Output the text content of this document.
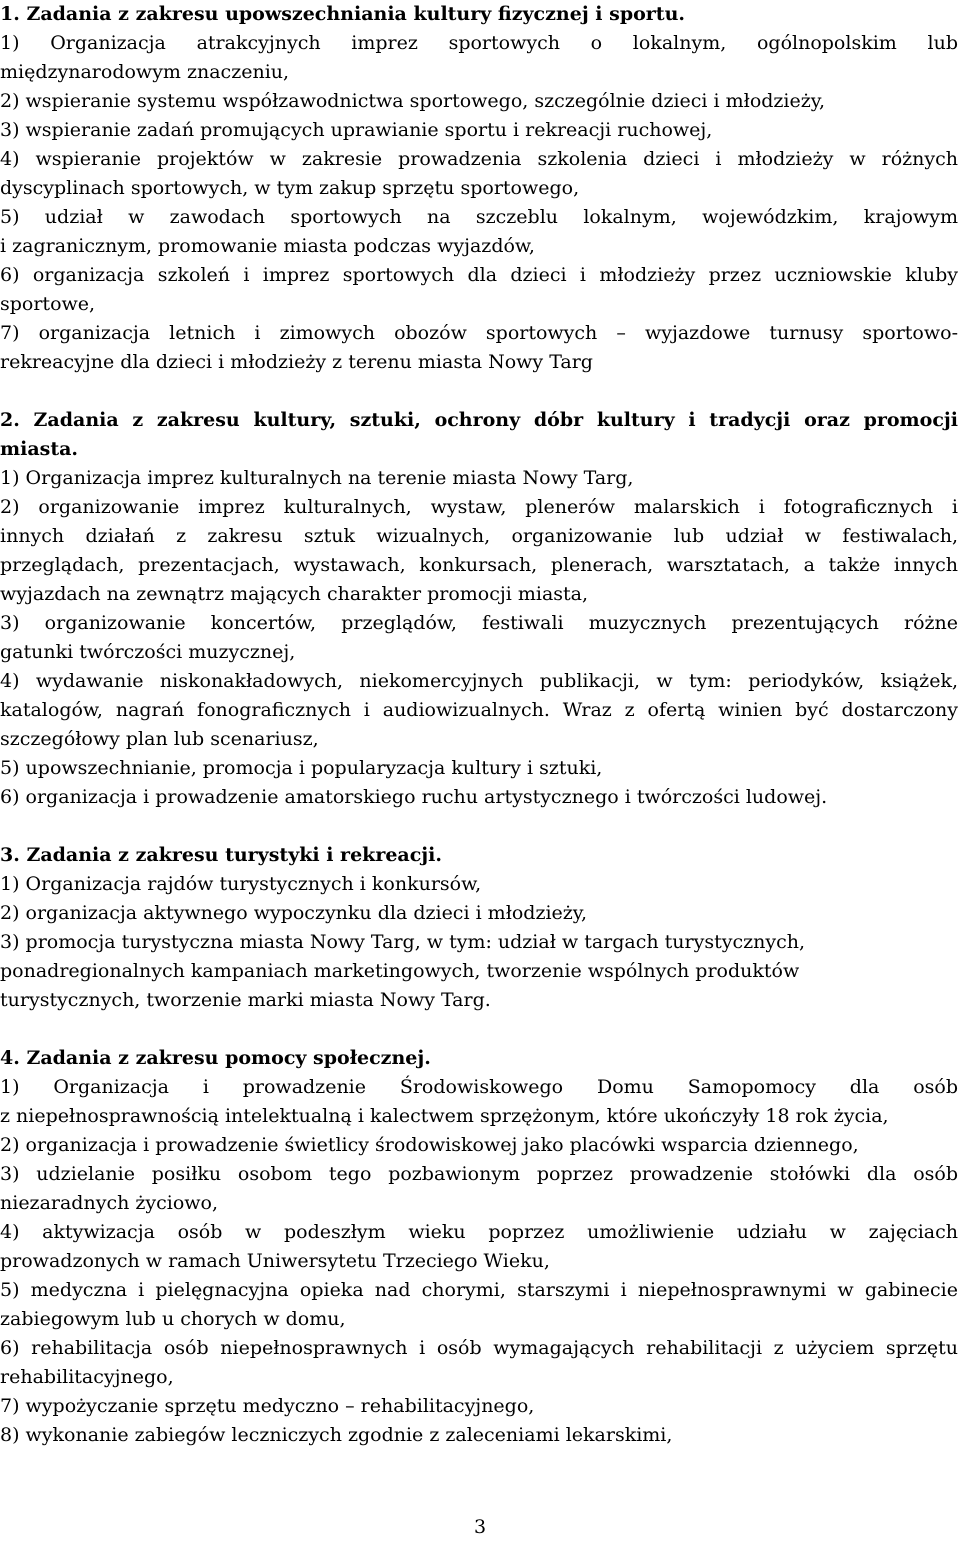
1. Zadania z zakresu upowszechniania kultury fizycznej i sportu.
1) Organizacja atrakcyjnych imprez sportowych o lokalnym, ogólnopolskim lub
międzynarodowym znaczeniu,
2) wspieranie systemu współzawodnictwa sportowego, szczególnie dzieci i młodzieży,
3) wspieranie zadań promujących uprawianie sportu i rekreacji ruchowej,
4) wspieranie projektów w zakresie prowadzenia szkolenia dzieci i młodzieży w różnych
dyscyplinach sportowych, w tym zakup sprzętu sportowego,
5) udział w zawodach sportowych na szczeblu lokalnym, wojewódzkim, krajowym
i zagranicznym, promowanie miasta podczas wyjazdów,
6) organizacja szkoleń i imprez sportowych dla dzieci i młodzieży przez uczniowskie kluby
sportowe,
7) organizacja letnich i zimowych obozów sportowych – wyjazdowe turnusy sportowo-
rekreacyjne dla dzieci i młodzieży z terenu miasta Nowy Targ
2. Zadania z zakresu kultury, sztuki, ochrony dóbr kultury i tradycji oraz promocji
miasta.
1) Organizacja imprez kulturalnych na terenie miasta Nowy Targ,
2) organizowanie imprez kulturalnych, wystaw, plenerów malarskich i fotograficznych i
innych działań z zakresu sztuk wizualnych, organizowanie lub udział w festiwalach,
przeglądach, prezentacjach, wystawach, konkursach, plenerach, warsztatach, a także innych
wyjazdach na zewnątrz mających charakter promocji miasta,
3) organizowanie koncertów, przeglądów, festiwali muzycznych prezentujących różne
gatunki twórczości muzycznej,
4) wydawanie niskonakładowych, niekomercyjnych publikacji, w tym: periodyków, książek,
katalogów, nagrań fonograficznych i audiowizualnych. Wraz z ofertą winien być dostarczony
szczegółowy plan lub scenariusz,
5) upowszechnianie, promocja i popularyzacja kultury i sztuki,
6) organizacja i prowadzenie amatorskiego ruchu artystycznego i twórczości ludowej.
3. Zadania z zakresu turystyki i rekreacji.
1) Organizacja rajdów turystycznych i konkursów,
2) organizacja aktywnego wypoczynku dla dzieci i młodzieży,
3) promocja turystyczna miasta Nowy Targ, w tym: udział w targach turystycznych,
ponadregionalnych kampaniach marketingowych, tworzenie wspólnych produktów
turystycznych, tworzenie marki miasta Nowy Targ.
4. Zadania z zakresu pomocy społecznej.
1) Organizacja i prowadzenie Środowiskowego Domu Samopomocy dla osób
z niepełnosprawnością intelektualną i kalectwem sprzężonym, które ukończyły 18 rok życia,
2) organizacja i prowadzenie świetlicy środowiskowej jako placówki wsparcia dziennego,
3) udzielanie posiłku osobom tego pozbawionym poprzez prowadzenie stołówki dla osób
niezaradnych życiowo,
4) aktywizacja osób w podeszłym wieku poprzez umożliwienie udziału w zajęciach
prowadzonych w ramach Uniwersytetu Trzeciego Wieku,
5) medyczna i pielęgnacyjna opieka nad chorymi, starszymi i niepełnosprawnymi w gabinecie
zabiegowym lub u chorych w domu,
6) rehabilitacja osób niepełnosprawnych i osób wymagających rehabilitacji z użyciem sprzętu
rehabilitacyjnego,
7) wypożyczanie sprzętu medyczno – rehabilitacyjnego,
8) wykonanie zabiegów leczniczych zgodnie z zaleceniami lekarskimi,
3
